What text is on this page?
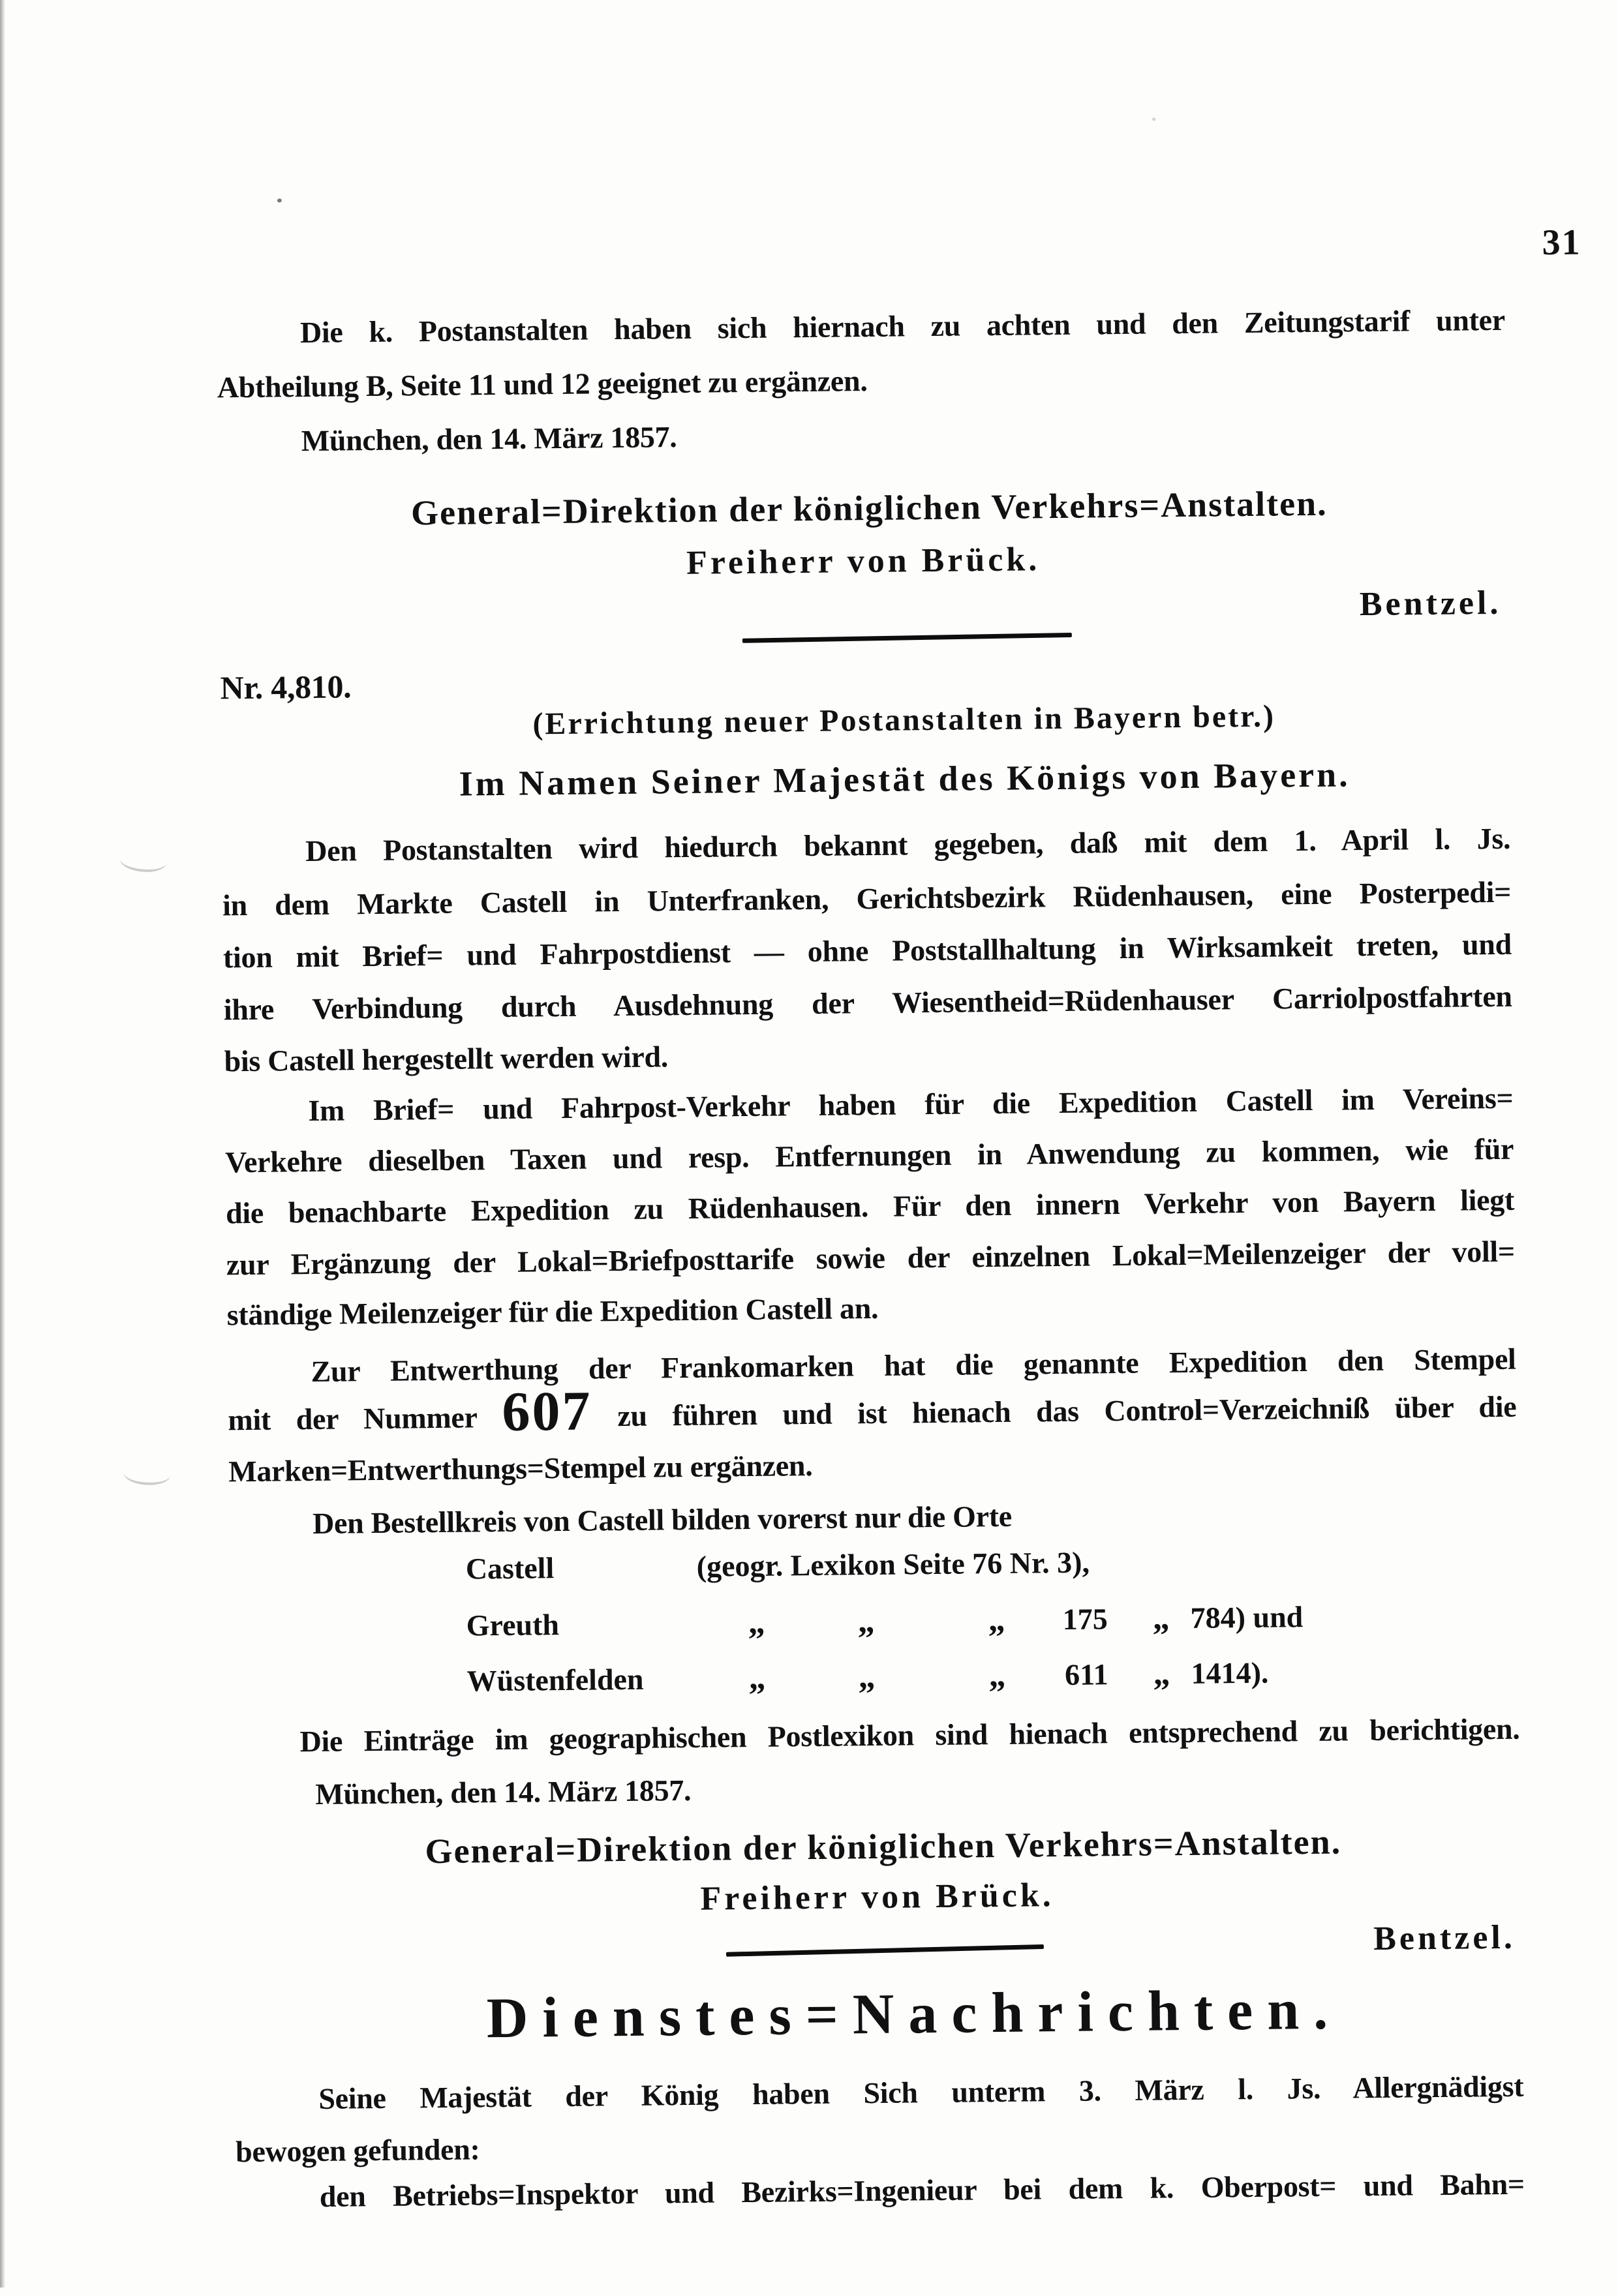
31
Die k. Postanstalten haben sich hiernach zu achten und den Zeitungstarif unter
Abtheilung B, Seite 11 und 12 geeignet zu ergänzen.
München, den 14. März 1857.
General=Direktion der königlichen Verkehrs=Anstalten.
Freiherr von Brück.
Bentzel.
Nr. 4,810.
(Errichtung neuer Postanstalten in Bayern betr.)
Im Namen Seiner Majestät des Königs von Bayern.
Den Postanstalten wird hiedurch bekannt gegeben, daß mit dem 1. April l. Js.
in dem Markte Castell in Unterfranken, Gerichtsbezirk Rüdenhausen, eine Posterpedi=
tion mit Brief= und Fahrpostdienst — ohne Poststallhaltung in Wirksamkeit treten, und
ihre Verbindung durch Ausdehnung der Wiesentheid=Rüdenhauser Carriolpostfahrten
bis Castell hergestellt werden wird.
Im Brief= und Fahrpost-Verkehr haben für die Expedition Castell im Vereins=
Verkehre dieselben Taxen und resp. Entfernungen in Anwendung zu kommen, wie für
die benachbarte Expedition zu Rüdenhausen. Für den innern Verkehr von Bayern liegt
zur Ergänzung der Lokal=Briefposttarife sowie der einzelnen Lokal=Meilenzeiger der voll=
ständige Meilenzeiger für die Expedition Castell an.
Zur Entwerthung der Frankomarken hat die genannte Expedition den Stempel
mit der Nummer 607 zu führen und ist hienach das Control=Verzeichniß über die
Marken=Entwerthungs=Stempel zu ergänzen.
Den Bestellkreis von Castell bilden vorerst nur die Orte
Castell	(geogr. Lexikon Seite 76 Nr. 3),
Greuth	„	„	„	175 „ 784) und
Wüstenfelden	„	„	„	611 „ 1414).
Die Einträge im geographischen Postlexikon sind hienach entsprechend zu berichtigen.
München, den 14. März 1857.
General=Direktion der königlichen Verkehrs=Anstalten.
Freiherr von Brück.
Bentzel.
Dienstes=Nachrichten.
Seine Majestät der König haben Sich unterm 3. März l. Js. Allergnädigst
bewogen gefunden:
den Betriebs=Inspektor und Bezirks=Ingenieur bei dem k. Oberpost= und Bahn=
